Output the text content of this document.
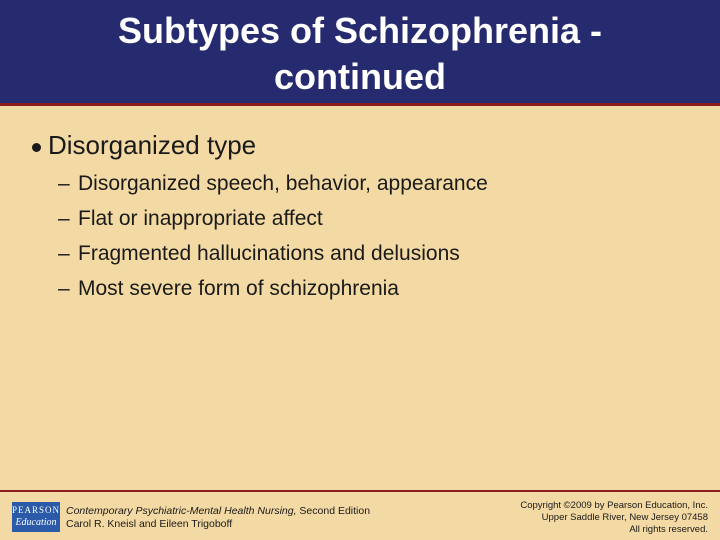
Subtypes of Schizophrenia -
continued
Disorganized type
– Disorganized speech, behavior, appearance
– Flat or inappropriate affect
– Fragmented hallucinations and delusions
– Most severe form of schizophrenia
PEARSON
Education
Contemporary Psychiatric-Mental Health Nursing, Second Edition
Carol R. Kneisl and Eileen Trigoboff
Copyright ©2009 by Pearson Education, Inc.
Upper Saddle River, New Jersey 07458
All rights reserved.
